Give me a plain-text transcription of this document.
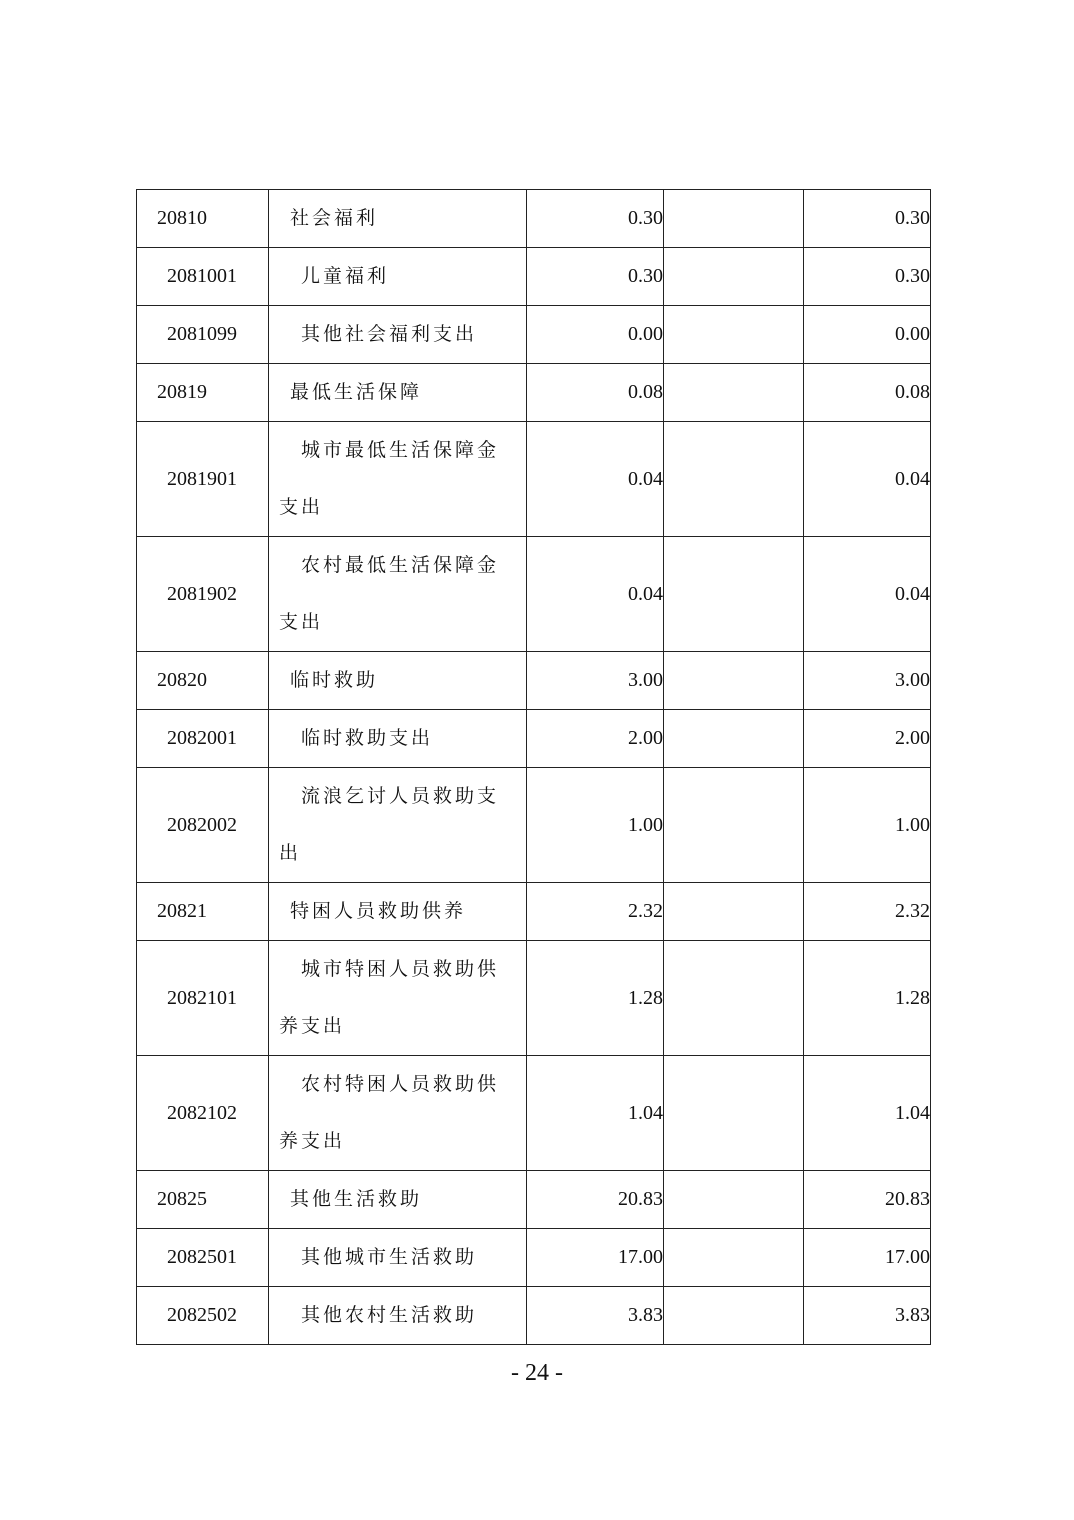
20810	社会福利	0.30		0.30
2081001	儿童福利	0.30		0.30
2081099	其他社会福利支出	0.00		0.00
20819	最低生活保障	0.08		0.08
2081901	城市最低生活保障金支出	0.04		0.04
2081902	农村最低生活保障金支出	0.04		0.04
20820	临时救助	3.00		3.00
2082001	临时救助支出	2.00		2.00
2082002	流浪乞讨人员救助支出	1.00		1.00
20821	特困人员救助供养	2.32		2.32
2082101	城市特困人员救助供养支出	1.28		1.28
2082102	农村特困人员救助供养支出	1.04		1.04
20825	其他生活救助	20.83		20.83
2082501	其他城市生活救助	17.00		17.00
2082502	其他农村生活救助	3.83		3.83
- 24 -
